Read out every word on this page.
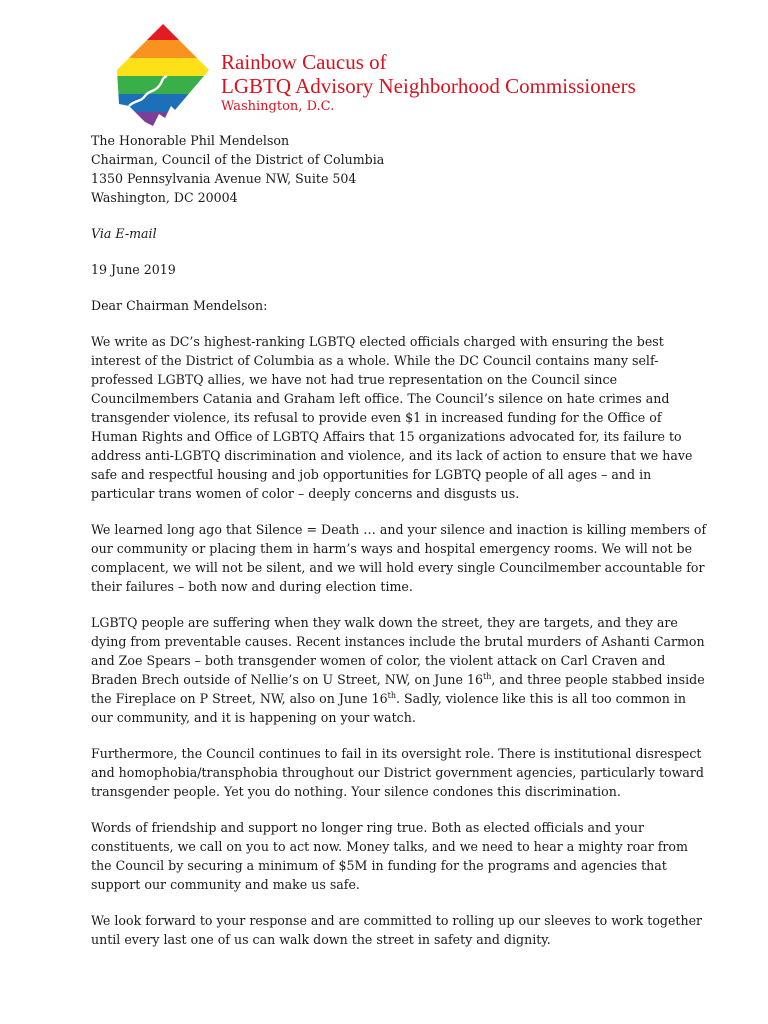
Rainbow Caucus of
LGBTQ Advisory Neighborhood Commissioners
Washington, D.C.

The Honorable Phil Mendelson

Chairman, Council of the District of Columbia

1350 Pennsylvania Avenue NW, Suite 504

Washington, DC 20004

Via E-mail

19 June 2019

Dear Chairman Mendelson:

We write as DC’s highest-ranking LGBTQ elected officials charged with ensuring the best interest of the District of Columbia as a whole. While the DC Council contains many self-professed LGBTQ allies, we have not had true representation on the Council since Councilmembers Catania and Graham left office. The Council’s silence on hate crimes and transgender violence, its refusal to provide even $1 in increased funding for the Office of Human Rights and Office of LGBTQ Affairs that 15 organizations advocated for, its failure to address anti-LGBTQ discrimination and violence, and its lack of action to ensure that we have safe and respectful housing and job opportunities for LGBTQ people of all ages – and in particular trans women of color – deeply concerns and disgusts us.

We learned long ago that Silence = Death … and your silence and inaction is killing members of our community or placing them in harm’s ways and hospital emergency rooms. We will not be complacent, we will not be silent, and we will hold every single Councilmember accountable for their failures – both now and during election time.

LGBTQ people are suffering when they walk down the street, they are targets, and they are dying from preventable causes. Recent instances include the brutal murders of Ashanti Carmon and Zoe Spears – both transgender women of color, the violent attack on Carl Craven and Braden Brech outside of Nellie’s on U Street, NW, on June 16th, and three people stabbed inside the Fireplace on P Street, NW, also on June 16th. Sadly, violence like this is all too common in our community, and it is happening on your watch.

Furthermore, the Council continues to fail in its oversight role. There is institutional disrespect and homophobia/transphobia throughout our District government agencies, particularly toward transgender people. Yet you do nothing. Your silence condones this discrimination.

Words of friendship and support no longer ring true. Both as elected officials and your constituents, we call on you to act now. Money talks, and we need to hear a mighty roar from the Council by securing a minimum of $5M in funding for the programs and agencies that support our community and make us safe.

We look forward to your response and are committed to rolling up our sleeves to work together until every last one of us can walk down the street in safety and dignity.
